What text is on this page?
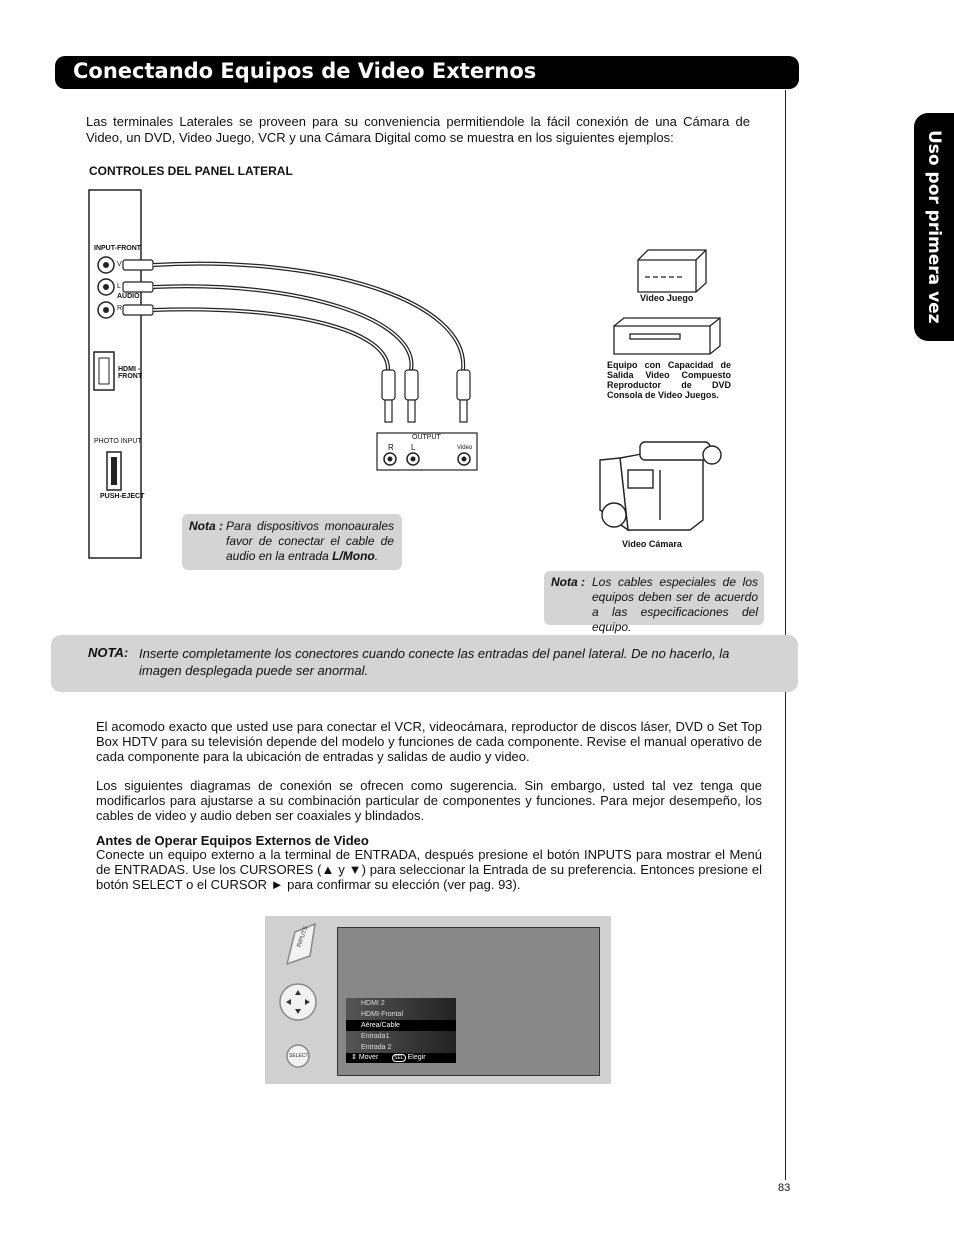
Conectando Equipos de Video Externos
Uso por primera vez
Las terminales Laterales se proveen para su conveniencia permitiendole la fácil conexión de una Cámara de Video, un DVD, Video Juego, VCR y una Cámara Digital como se muestra en los siguientes ejemplos:
CONTROLES DEL PANEL LATERAL
INPUT-FRONT
V
L
AUDIO
R
HDMI -FRONT
PHOTO INPUT
PUSH-EJECT
OUTPUT
R L	Video
Video Juego
Equipo con Capacidad de Salida Video Compuesto Reproductor de DVD Consola de Video Juegos.
Video Cámara
Nota : Para dispositivos monoaurales favor de conectar el cable de audio en la entrada L/Mono.
Nota : Los cables especiales de los equipos deben ser de acuerdo a las especificaciones del equipo.
NOTA: Inserte completamente los conectores cuando conecte las entradas del panel lateral. De no hacerlo, la imagen desplegada puede ser anormal.
El acomodo exacto que usted use para conectar el VCR, videocámara, reproductor de discos láser, DVD o Set Top Box HDTV para su televisión depende del modelo y funciones de cada componente. Revise el manual operativo de cada componente para la ubicación de entradas y salidas de audio y video.
Los siguientes diagramas de conexión se ofrecen como sugerencia. Sin embargo, usted tal vez tenga que modificarlos para ajustarse a su combinación particular de componentes y funciones. Para mejor desempeño, los cables de video y audio deben ser coaxiales y blindados.
Antes de Operar Equipos Externos de Video
Conecte un equipo externo a la terminal de ENTRADA, después presione el botón INPUTS para mostrar el Menú de ENTRADAS. Use los CURSORES (▲ y ▼) para seleccionar la Entrada de su preferencia. Entonces presione el botón SELECT o el CURSOR ► para confirmar su elección (ver pag. 93).
INPUTS
SELECT
HDMI 2
HDMI-Frontal
Aérea/Cable
Entrada1
Entrada 2
⇕ Mover	SEL Elegir
83
